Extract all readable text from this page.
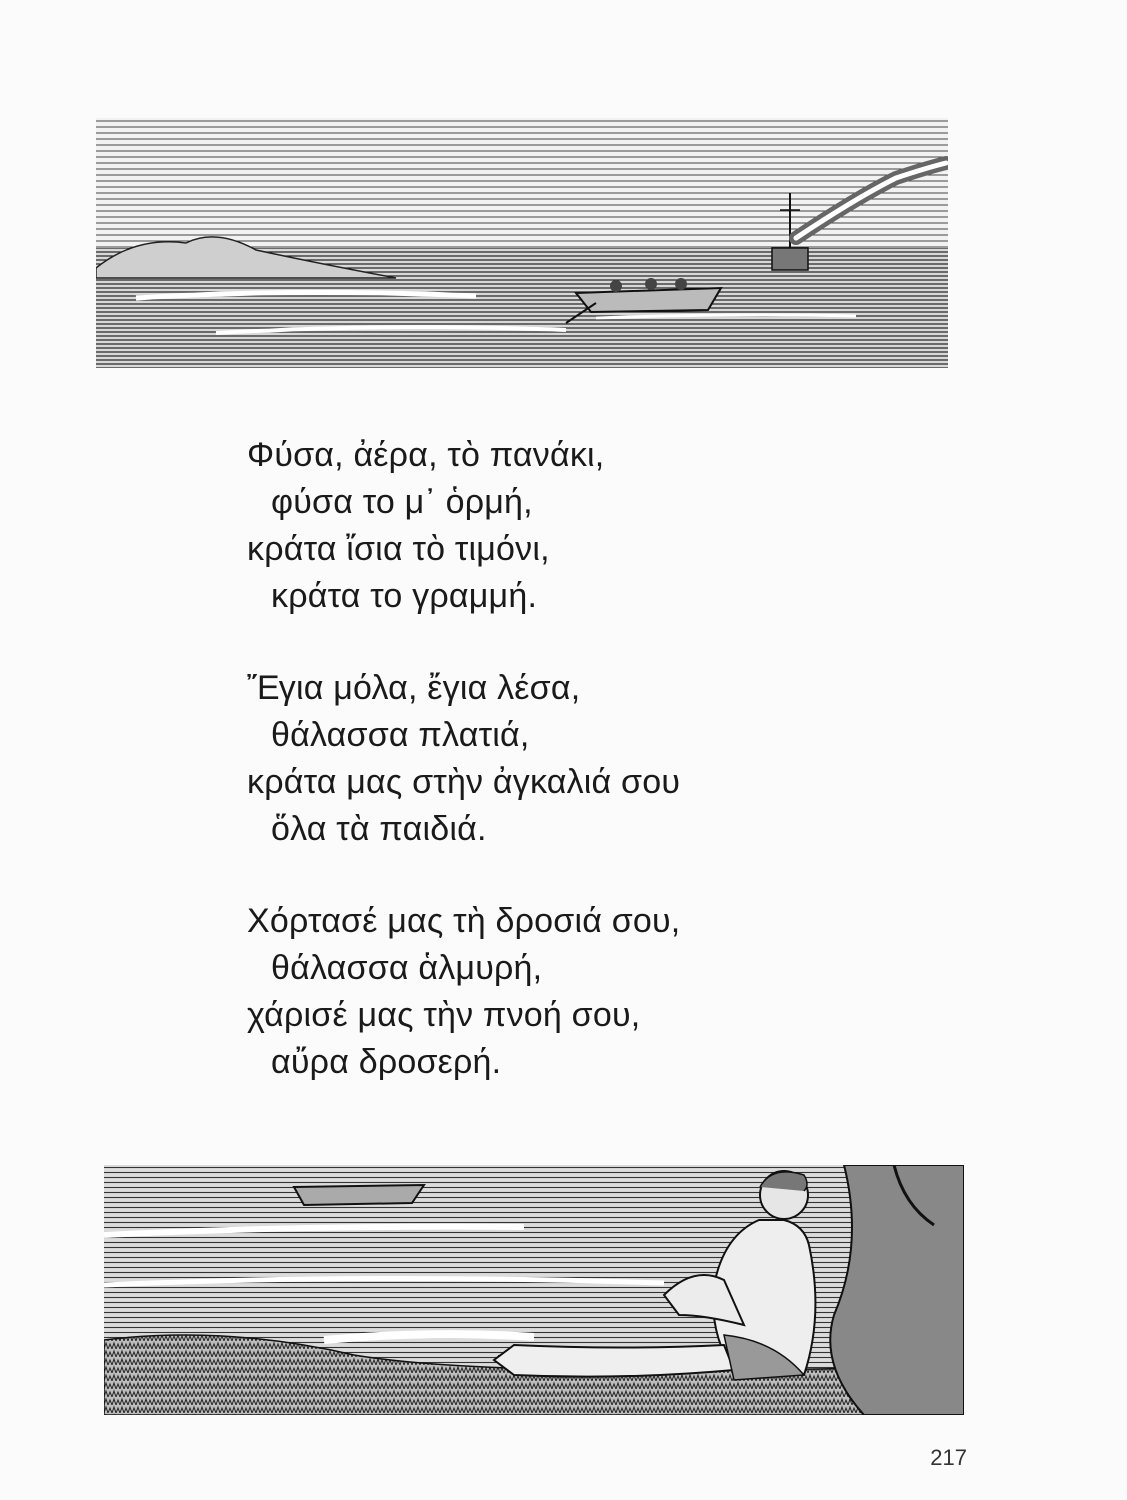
Φύσα, ἀέρα, τὸ πανάκι,
φύσα το μ᾽ ὁρμή,
κράτα ἴσια τὸ τιμόνι,
κράτα το γραμμή.
Ἔγια μόλα, ἔγια λέσα,
θάλασσα πλατιά,
κράτα μας στὴν ἀγκαλιά σου
ὅλα τὰ παιδιά.
Χόρτασέ μας τὴ δροσιά σου,
θάλασσα ἁλμυρή,
χάρισέ μας τὴν πνοή σου,
αὔρα δροσερή.
217
